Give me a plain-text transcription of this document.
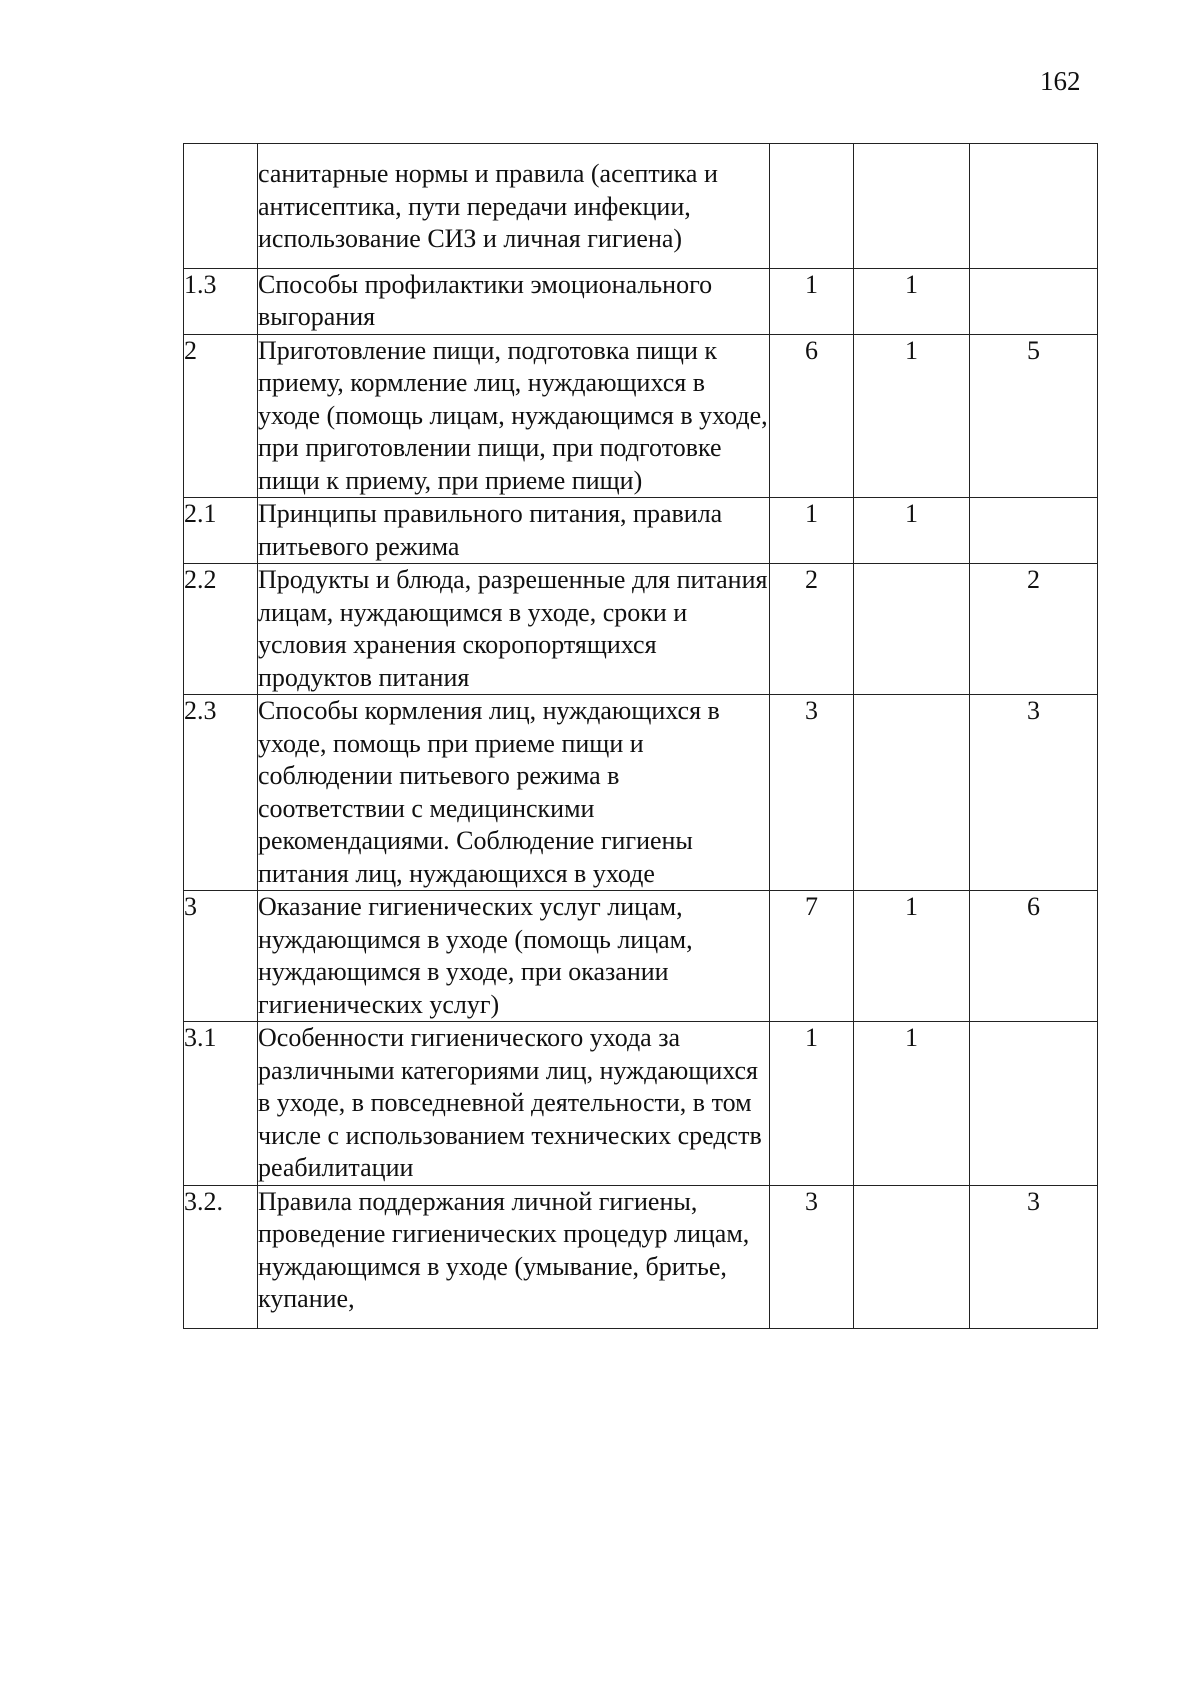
162
	санитарные нормы и правила (асептика и антисептика, пути передачи инфекции, использование СИЗ и личная гигиена)			
1.3	Способы профилактики эмоционального выгорания	1	1	
2	Приготовление пищи, подготовка пищи к приему, кормление лиц, нуждающихся в уходе (помощь лицам, нуждающимся в уходе, при приготовлении пищи, при подготовке пищи к приему, при приеме пищи)	6	1	5
2.1	Принципы правильного питания, правила питьевого режима	1	1	
2.2	Продукты и блюда, разрешенные для питания лицам, нуждающимся в уходе, сроки и условия хранения скоропортящихся продуктов питания	2		2
2.3	Способы кормления лиц, нуждающихся в уходе, помощь при приеме пищи и соблюдении питьевого режима в соответствии с медицинскими рекомендациями. Соблюдение гигиены питания лиц, нуждающихся в уходе	3		3
3	Оказание гигиенических услуг лицам, нуждающимся в уходе (помощь лицам, нуждающимся в уходе, при оказании гигиенических услуг)	7	1	6
3.1	Особенности гигиенического ухода за различными категориями лиц, нуждающихся в уходе, в повседневной деятельности, в том числе с использованием технических средств реабилитации	1	1	
3.2.	Правила поддержания личной гигиены, проведение гигиенических процедур лицам, нуждающимся в уходе (умывание, бритье, купание,	3		3
